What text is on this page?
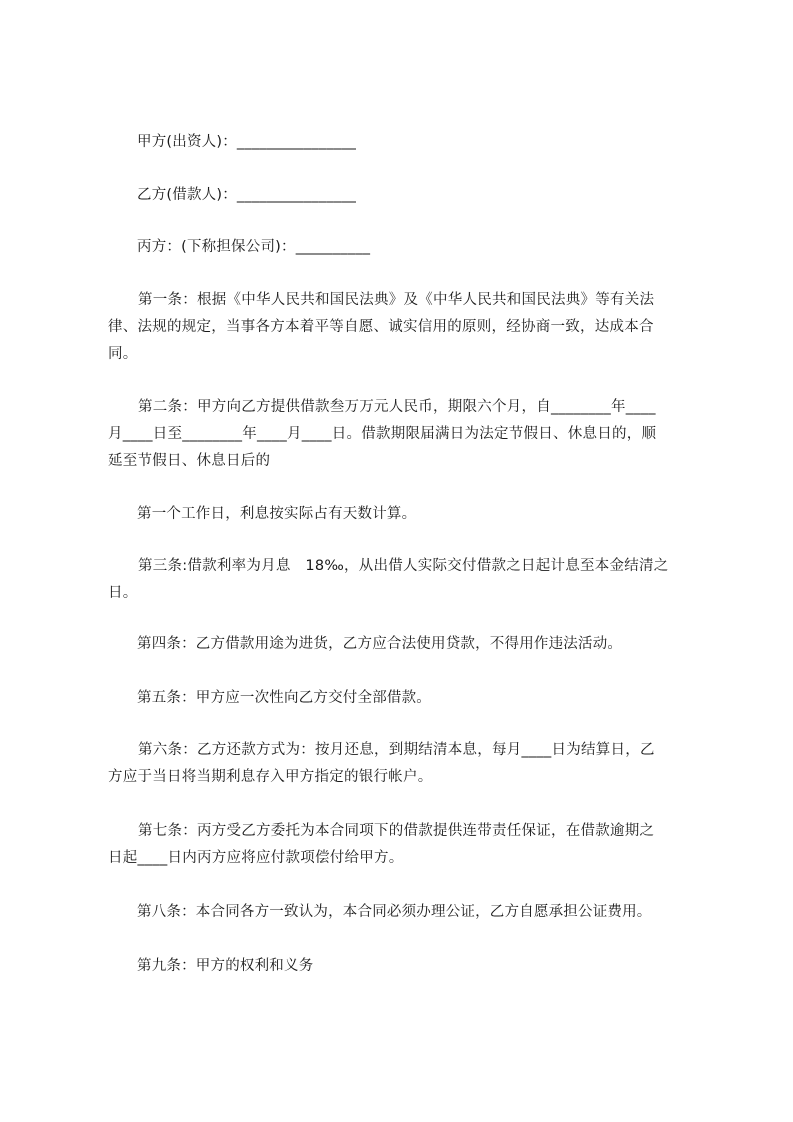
甲方(出资人)：________________
乙方(借款人)：________________
丙方：(下称担保公司)：__________
第一条：根据《中华人民共和国民法典》及《中华人民共和国民法典》等有关法
律、法规的规定，当事各方本着平等自愿、诚实信用的原则，经协商一致，达成本合
同。
第二条：甲方向乙方提供借款叁万万元人民币，期限六个月，自________年____
月____日至________年____月____日。借款期限届满日为法定节假日、休息日的，顺
延至节假日、休息日后的
第一个工作日，利息按实际占有天数计算。
第三条:借款利率为月息　18‰，从出借人实际交付借款之日起计息至本金结清之
日。
第四条：乙方借款用途为进货，乙方应合法使用贷款，不得用作违法活动。
第五条：甲方应一次性向乙方交付全部借款。
第六条：乙方还款方式为：按月还息，到期结清本息，每月____日为结算日，乙
方应于当日将当期利息存入甲方指定的银行帐户。
第七条：丙方受乙方委托为本合同项下的借款提供连带责任保证，在借款逾期之
日起____日内丙方应将应付款项偿付给甲方。
第八条：本合同各方一致认为，本合同必须办理公证，乙方自愿承担公证费用。
第九条：甲方的权利和义务
